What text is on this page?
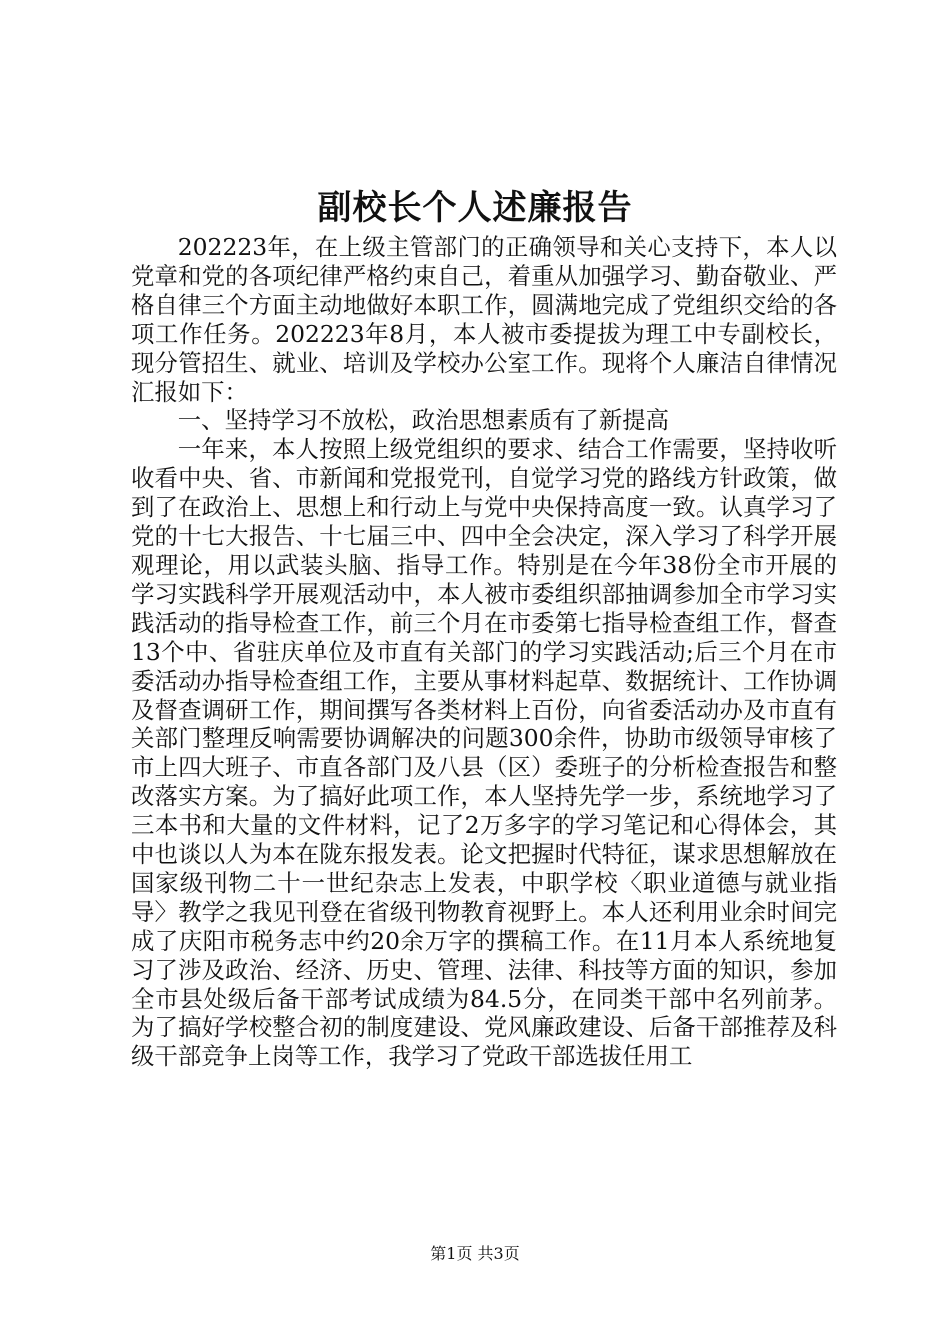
副校长个人述廉报告

202223年，在上级主管部门的正确领导和关心支持下，本人以党章和党的各项纪律严格约束自己，着重从加强学习、勤奋敬业、严格自律三个方面主动地做好本职工作，圆满地完成了党组织交给的各项工作任务。202223年8月，本人被市委提拔为理工中专副校长，现分管招生、就业、培训及学校办公室工作。现将个人廉洁自律情况汇报如下：

一、坚持学习不放松，政治思想素质有了新提高

一年来，本人按照上级党组织的要求、结合工作需要，坚持收听收看中央、省、市新闻和党报党刊，自觉学习党的路线方针政策，做到了在政治上、思想上和行动上与党中央保持高度一致。认真学习了党的十七大报告、十七届三中、四中全会决定，深入学习了科学开展观理论，用以武装头脑、指导工作。特别是在今年38份全市开展的学习实践科学开展观活动中，本人被市委组织部抽调参加全市学习实践活动的指导检查工作，前三个月在市委第七指导检查组工作，督查13个中、省驻庆单位及市直有关部门的学习实践活动;后三个月在市委活动办指导检查组工作，主要从事材料起草、数据统计、工作协调及督查调研工作，期间撰写各类材料上百份，向省委活动办及市直有关部门整理反响需要协调解决的问题300余件，协助市级领导审核了市上四大班子、市直各部门及八县（区）委班子的分析检查报告和整改落实方案。为了搞好此项工作，本人坚持先学一步，系统地学习了三本书和大量的文件材料，记了2万多字的学习笔记和心得体会，其中也谈以人为本在陇东报发表。论文把握时代特征，谋求思想解放在国家级刊物二十一世纪杂志上发表，中职学校〈职业道德与就业指导〉教学之我见刊登在省级刊物教育视野上。本人还利用业余时间完成了庆阳市税务志中约20余万字的撰稿工作。在11月本人系统地复习了涉及政治、经济、历史、管理、法律、科技等方面的知识，参加全市县处级后备干部考试成绩为84.5分，在同类干部中名列前茅。为了搞好学校整合初的制度建设、党风廉政建设、后备干部推荐及科级干部竞争上岗等工作，我学习了党政干部选拔任用工

第1页 共3页
